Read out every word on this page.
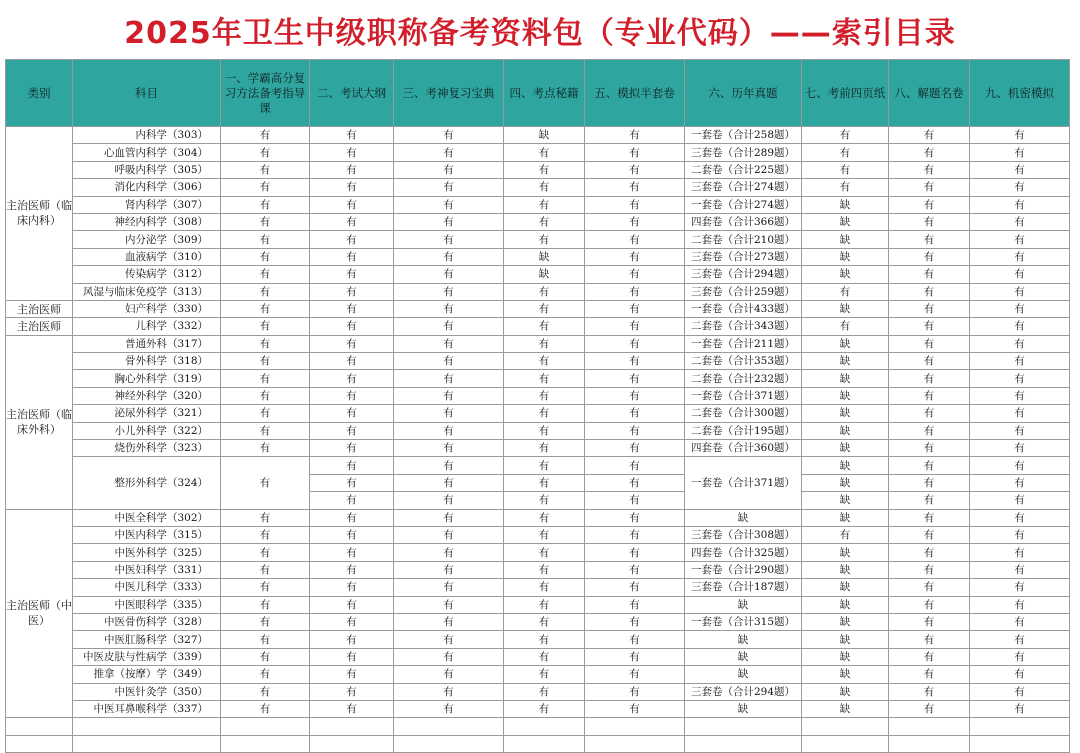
2025年卫生中级职称备考资料包（专业代码）——索引目录
类别	科目	一、学霸高分复习方法备考指导课	二、考试大纲	三、考神复习宝典	四、考点秘籍	五、模拟半套卷	六、历年真题	七、考前四页纸	八、解题名卷	九、机密模拟
主治医师（临床内科）	内科学（303）	有	有	有	缺	有	一套卷（合计258题）	有	有	有
	心血管内科学（304）	有	有	有	有	有	三套卷（合计289题）	有	有	有
	呼吸内科学（305）	有	有	有	有	有	二套卷（合计225题）	有	有	有
	消化内科学（306）	有	有	有	有	有	三套卷（合计274题）	有	有	有
	肾内科学（307）	有	有	有	有	有	一套卷（合计274题）	缺	有	有
	神经内科学（308）	有	有	有	有	有	四套卷（合计366题）	缺	有	有
	内分泌学（309）	有	有	有	有	有	二套卷（合计210题）	缺	有	有
	血液病学（310）	有	有	有	缺	有	三套卷（合计273题）	缺	有	有
	传染病学（312）	有	有	有	缺	有	三套卷（合计294题）	缺	有	有
	风湿与临床免疫学（313）	有	有	有	有	有	三套卷（合计259题）	有	有	有
主治医师	妇产科学（330）	有	有	有	有	有	一套卷（合计433题）	缺	有	有
主治医师	儿科学（332）	有	有	有	有	有	二套卷（合计343题）	有	有	有
主治医师（临床外科）	普通外科（317）	有	有	有	有	有	一套卷（合计211题）	缺	有	有
	骨外科学（318）	有	有	有	有	有	二套卷（合计353题）	缺	有	有
	胸心外科学（319）	有	有	有	有	有	二套卷（合计232题）	缺	有	有
	神经外科学（320）	有	有	有	有	有	一套卷（合计371题）	缺	有	有
	泌尿外科学（321）	有	有	有	有	有	二套卷（合计300题）	缺	有	有
	小儿外科学（322）	有	有	有	有	有	二套卷（合计195题）	缺	有	有
	烧伤外科学（323）	有	有	有	有	有	四套卷（合计360题）	缺	有	有
	整形外科学（324）	有	有	有	有	有	一套卷（合计371题）	缺	有	有
			有	有	有	有		缺	有	有
			有	有	有	有		缺	有	有
主治医师（中医）	中医全科学（302）	有	有	有	有	有	缺	缺	有	有
	中医内科学（315）	有	有	有	有	有	三套卷（合计308题）	有	有	有
	中医外科学（325）	有	有	有	有	有	四套卷（合计325题）	缺	有	有
	中医妇科学（331）	有	有	有	有	有	一套卷（合计290题）	缺	有	有
	中医儿科学（333）	有	有	有	有	有	三套卷（合计187题）	缺	有	有
	中医眼科学（335）	有	有	有	有	有	缺	缺	有	有
	中医骨伤科学（328）	有	有	有	有	有	一套卷（合计315题）	缺	有	有
	中医肛肠科学（327）	有	有	有	有	有	缺	缺	有	有
	中医皮肤与性病学（339）	有	有	有	有	有	缺	缺	有	有
	推拿（按摩）学（349）	有	有	有	有	有	缺	缺	有	有
	中医针灸学（350）	有	有	有	有	有	三套卷（合计294题）	缺	有	有
	中医耳鼻喉科学（337）	有	有	有	有	有	缺	缺	有	有
